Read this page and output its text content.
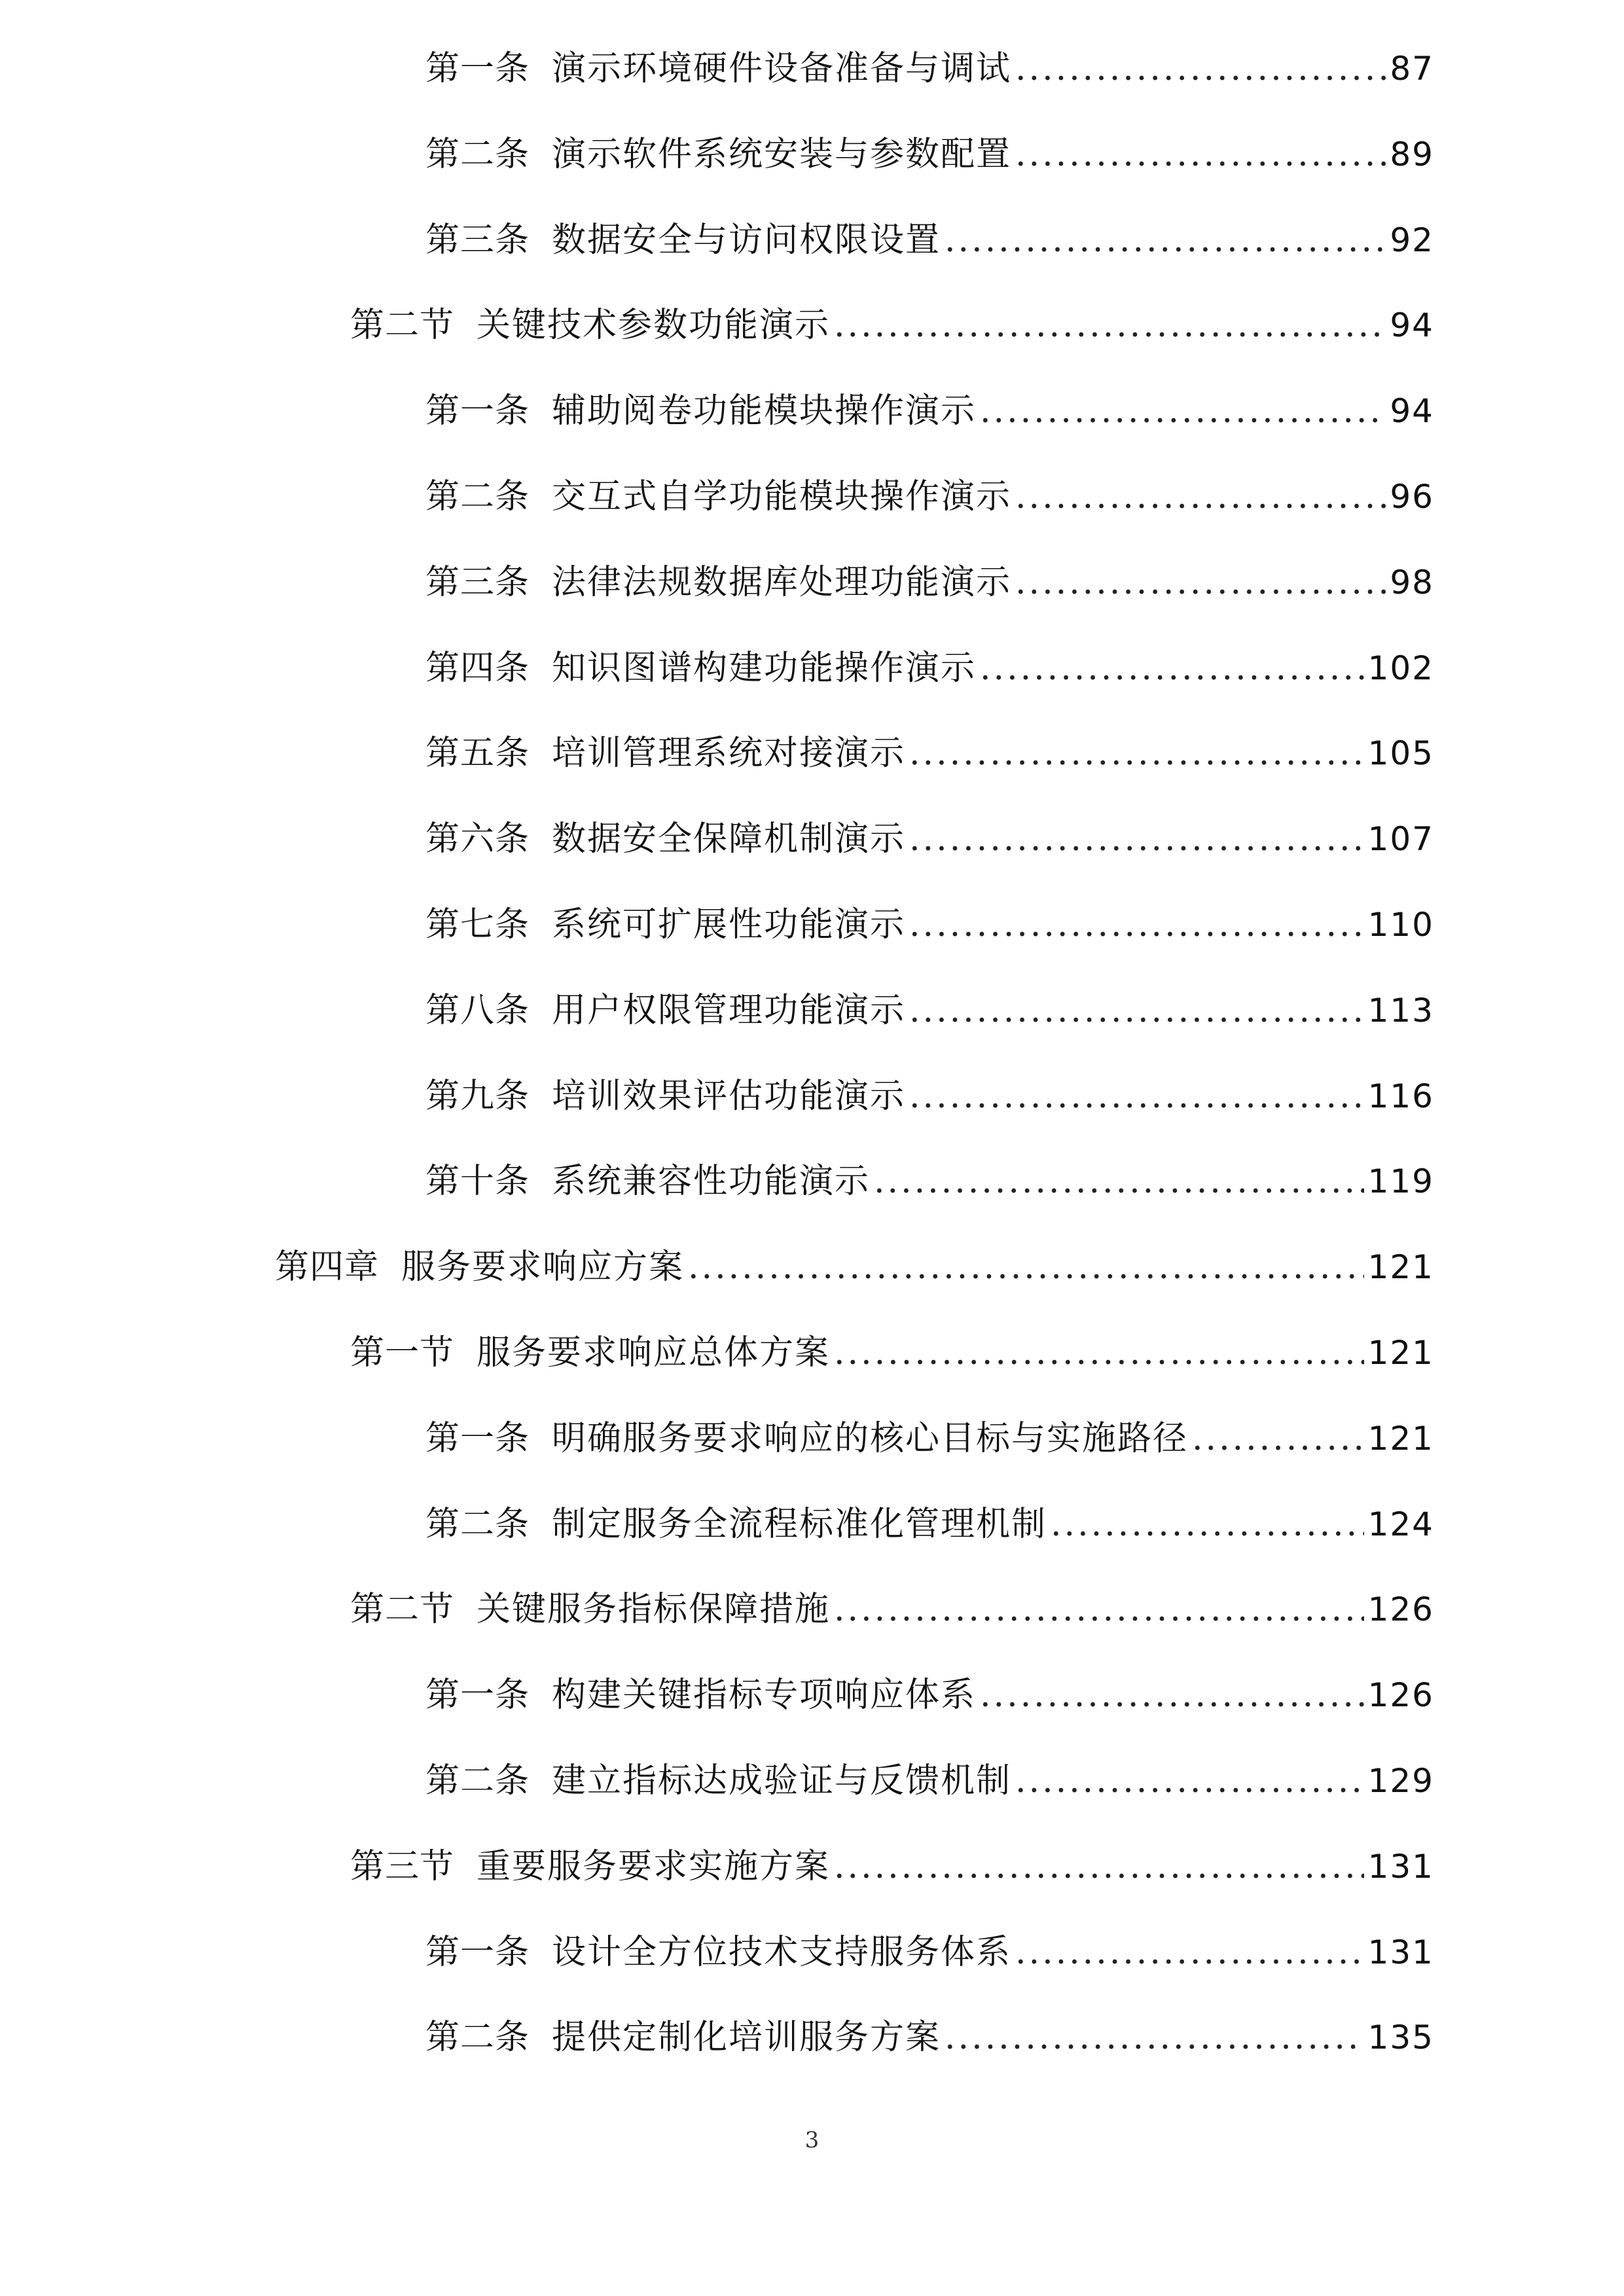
第一条 演示环境硬件设备准备与调试 .....	87
第二条 演示软件系统安装与参数配置 .....	89
第三条 数据安全与访问权限设置 .....	92
第二节 关键技术参数功能演示 .....	94
第一条 辅助阅卷功能模块操作演示 .....	94
第二条 交互式自学功能模块操作演示 .....	96
第三条 法律法规数据库处理功能演示 .....	98
第四条 知识图谱构建功能操作演示 .....	102
第五条 培训管理系统对接演示 .....	105
第六条 数据安全保障机制演示 .....	107
第七条 系统可扩展性功能演示 .....	110
第八条 用户权限管理功能演示 .....	113
第九条 培训效果评估功能演示 .....	116
第十条 系统兼容性功能演示 .....	119
第四章 服务要求响应方案 .....	121
第一节 服务要求响应总体方案 .....	121
第一条 明确服务要求响应的核心目标与实施路径 .....	121
第二条 制定服务全流程标准化管理机制 .....	124
第二节 关键服务指标保障措施 .....	126
第一条 构建关键指标专项响应体系 .....	126
第二条 建立指标达成验证与反馈机制 .....	129
第三节 重要服务要求实施方案 .....	131
第一条 设计全方位技术支持服务体系 .....	131
第二条 提供定制化培训服务方案 .....	135
3
